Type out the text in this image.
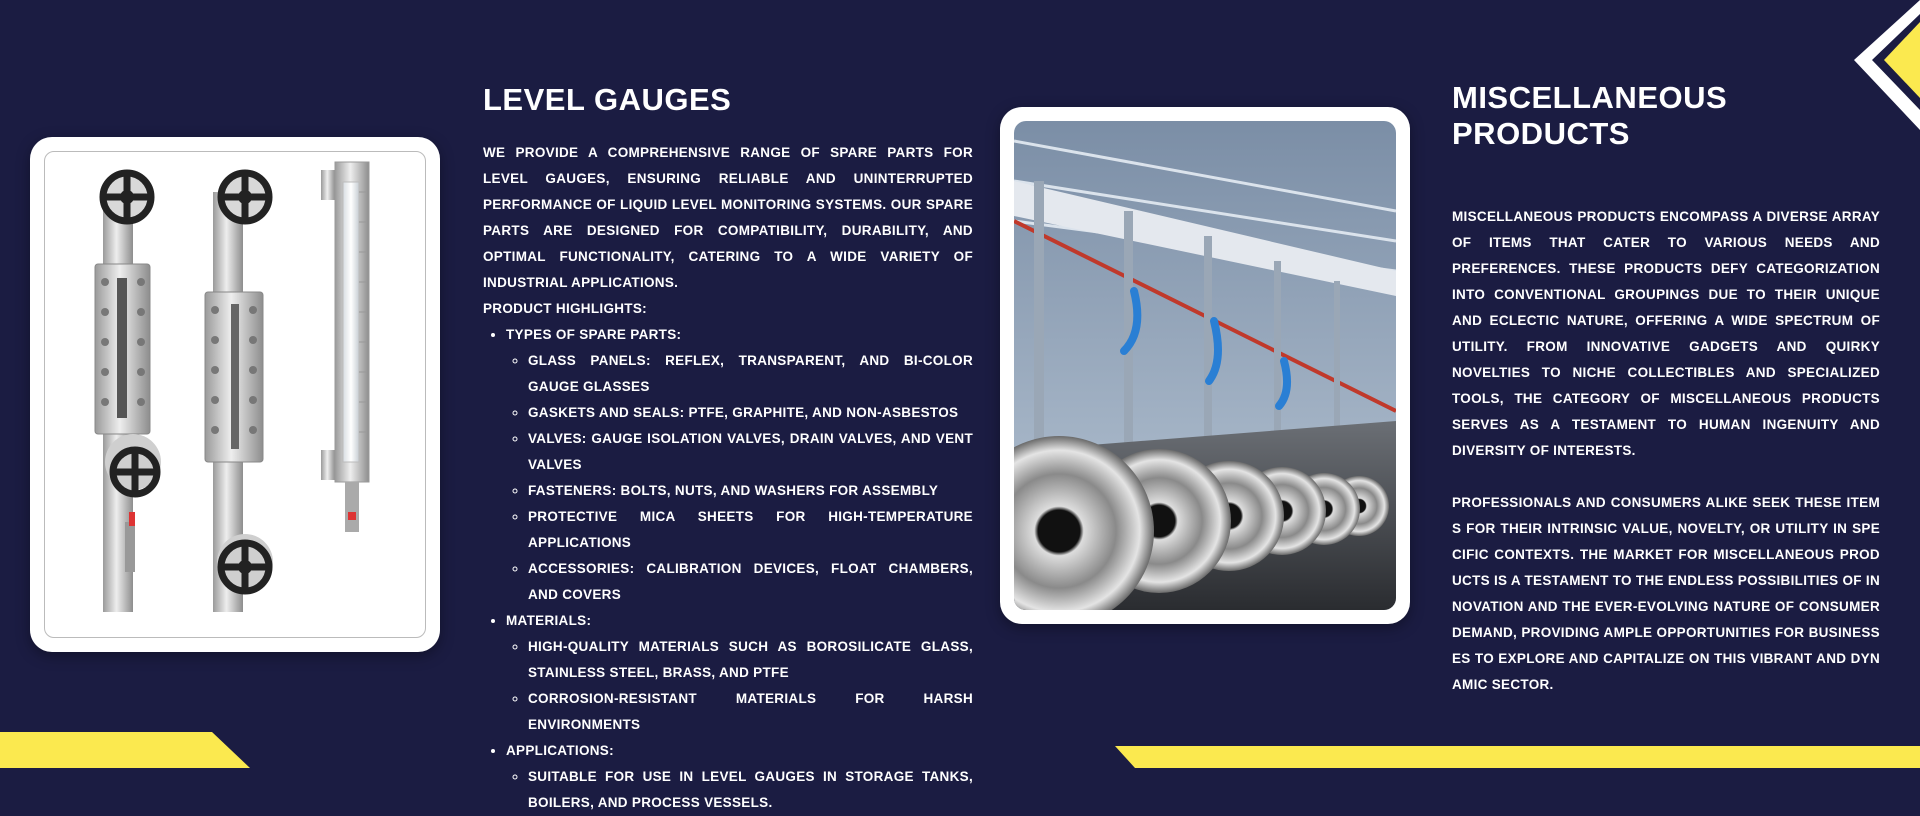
LEVEL GAUGES

WE PROVIDE A COMPREHENSIVE RANGE OF SPARE PARTS FOR LEVEL GAUGES, ENSURING RELIABLE AND UNINTERRUPTED PERFORMANCE OF LIQUID LEVEL MONITORING SYSTEMS. OUR SPARE PARTS ARE DESIGNED FOR COMPATIBILITY, DURABILITY, AND OPTIMAL FUNCTIONALITY, CATERING TO A WIDE VARIETY OF INDUSTRIAL APPLICATIONS.

PRODUCT HIGHLIGHTS:
• TYPES OF SPARE PARTS:
◦ GLASS PANELS: REFLEX, TRANSPARENT, AND BI-COLOR GAUGE GLASSES
◦ GASKETS AND SEALS: PTFE, GRAPHITE, AND NON-ASBESTOS
◦ VALVES: GAUGE ISOLATION VALVES, DRAIN VALVES, AND VENT VALVES
◦ FASTENERS: BOLTS, NUTS, AND WASHERS FOR ASSEMBLY
◦ PROTECTIVE MICA SHEETS FOR HIGH-TEMPERATURE APPLICATIONS
◦ ACCESSORIES: CALIBRATION DEVICES, FLOAT CHAMBERS, AND COVERS
• MATERIALS:
◦ HIGH-QUALITY MATERIALS SUCH AS BOROSILICATE GLASS, STAINLESS STEEL, BRASS, AND PTFE
◦ CORROSION-RESISTANT MATERIALS FOR HARSH ENVIRONMENTS
• APPLICATIONS:
◦ SUITABLE FOR USE IN LEVEL GAUGES IN STORAGE TANKS, BOILERS, AND PROCESS VESSELS.
MISCELLANEOUS PRODUCTS

MISCELLANEOUS PRODUCTS ENCOMPASS A DIVERSE ARRAY OF ITEMS THAT CATER TO VARIOUS NEEDS AND PREFERENCES. THESE PRODUCTS DEFY CATEGORIZATION INTO CONVENTIONAL GROUPINGS DUE TO THEIR UNIQUE AND ECLECTIC NATURE, OFFERING A WIDE SPECTRUM OF UTILITY. FROM INNOVATIVE GADGETS AND QUIRKY NOVELTIES TO NICHE COLLECTIBLES AND SPECIALIZED TOOLS, THE CATEGORY OF MISCELLANEOUS PRODUCTS SERVES AS A TESTAMENT TO HUMAN INGENUITY AND DIVERSITY OF INTERESTS.

PROFESSIONALS AND CONSUMERS ALIKE SEEK THESE ITEMS FOR THEIR INTRINSIC VALUE, NOVELTY, OR UTILITY IN SPECIFIC CONTEXTS. THE MARKET FOR MISCELLANEOUS PRODUCTS IS A TESTAMENT TO THE ENDLESS POSSIBILITIES OF INNOVATION AND THE EVER-EVOLVING NATURE OF CONSUMER DEMAND, PROVIDING AMPLE OPPORTUNITIES FOR BUSINESSES TO EXPLORE AND CAPITALIZE ON THIS VIBRANT AND DYNAMIC SECTOR.
